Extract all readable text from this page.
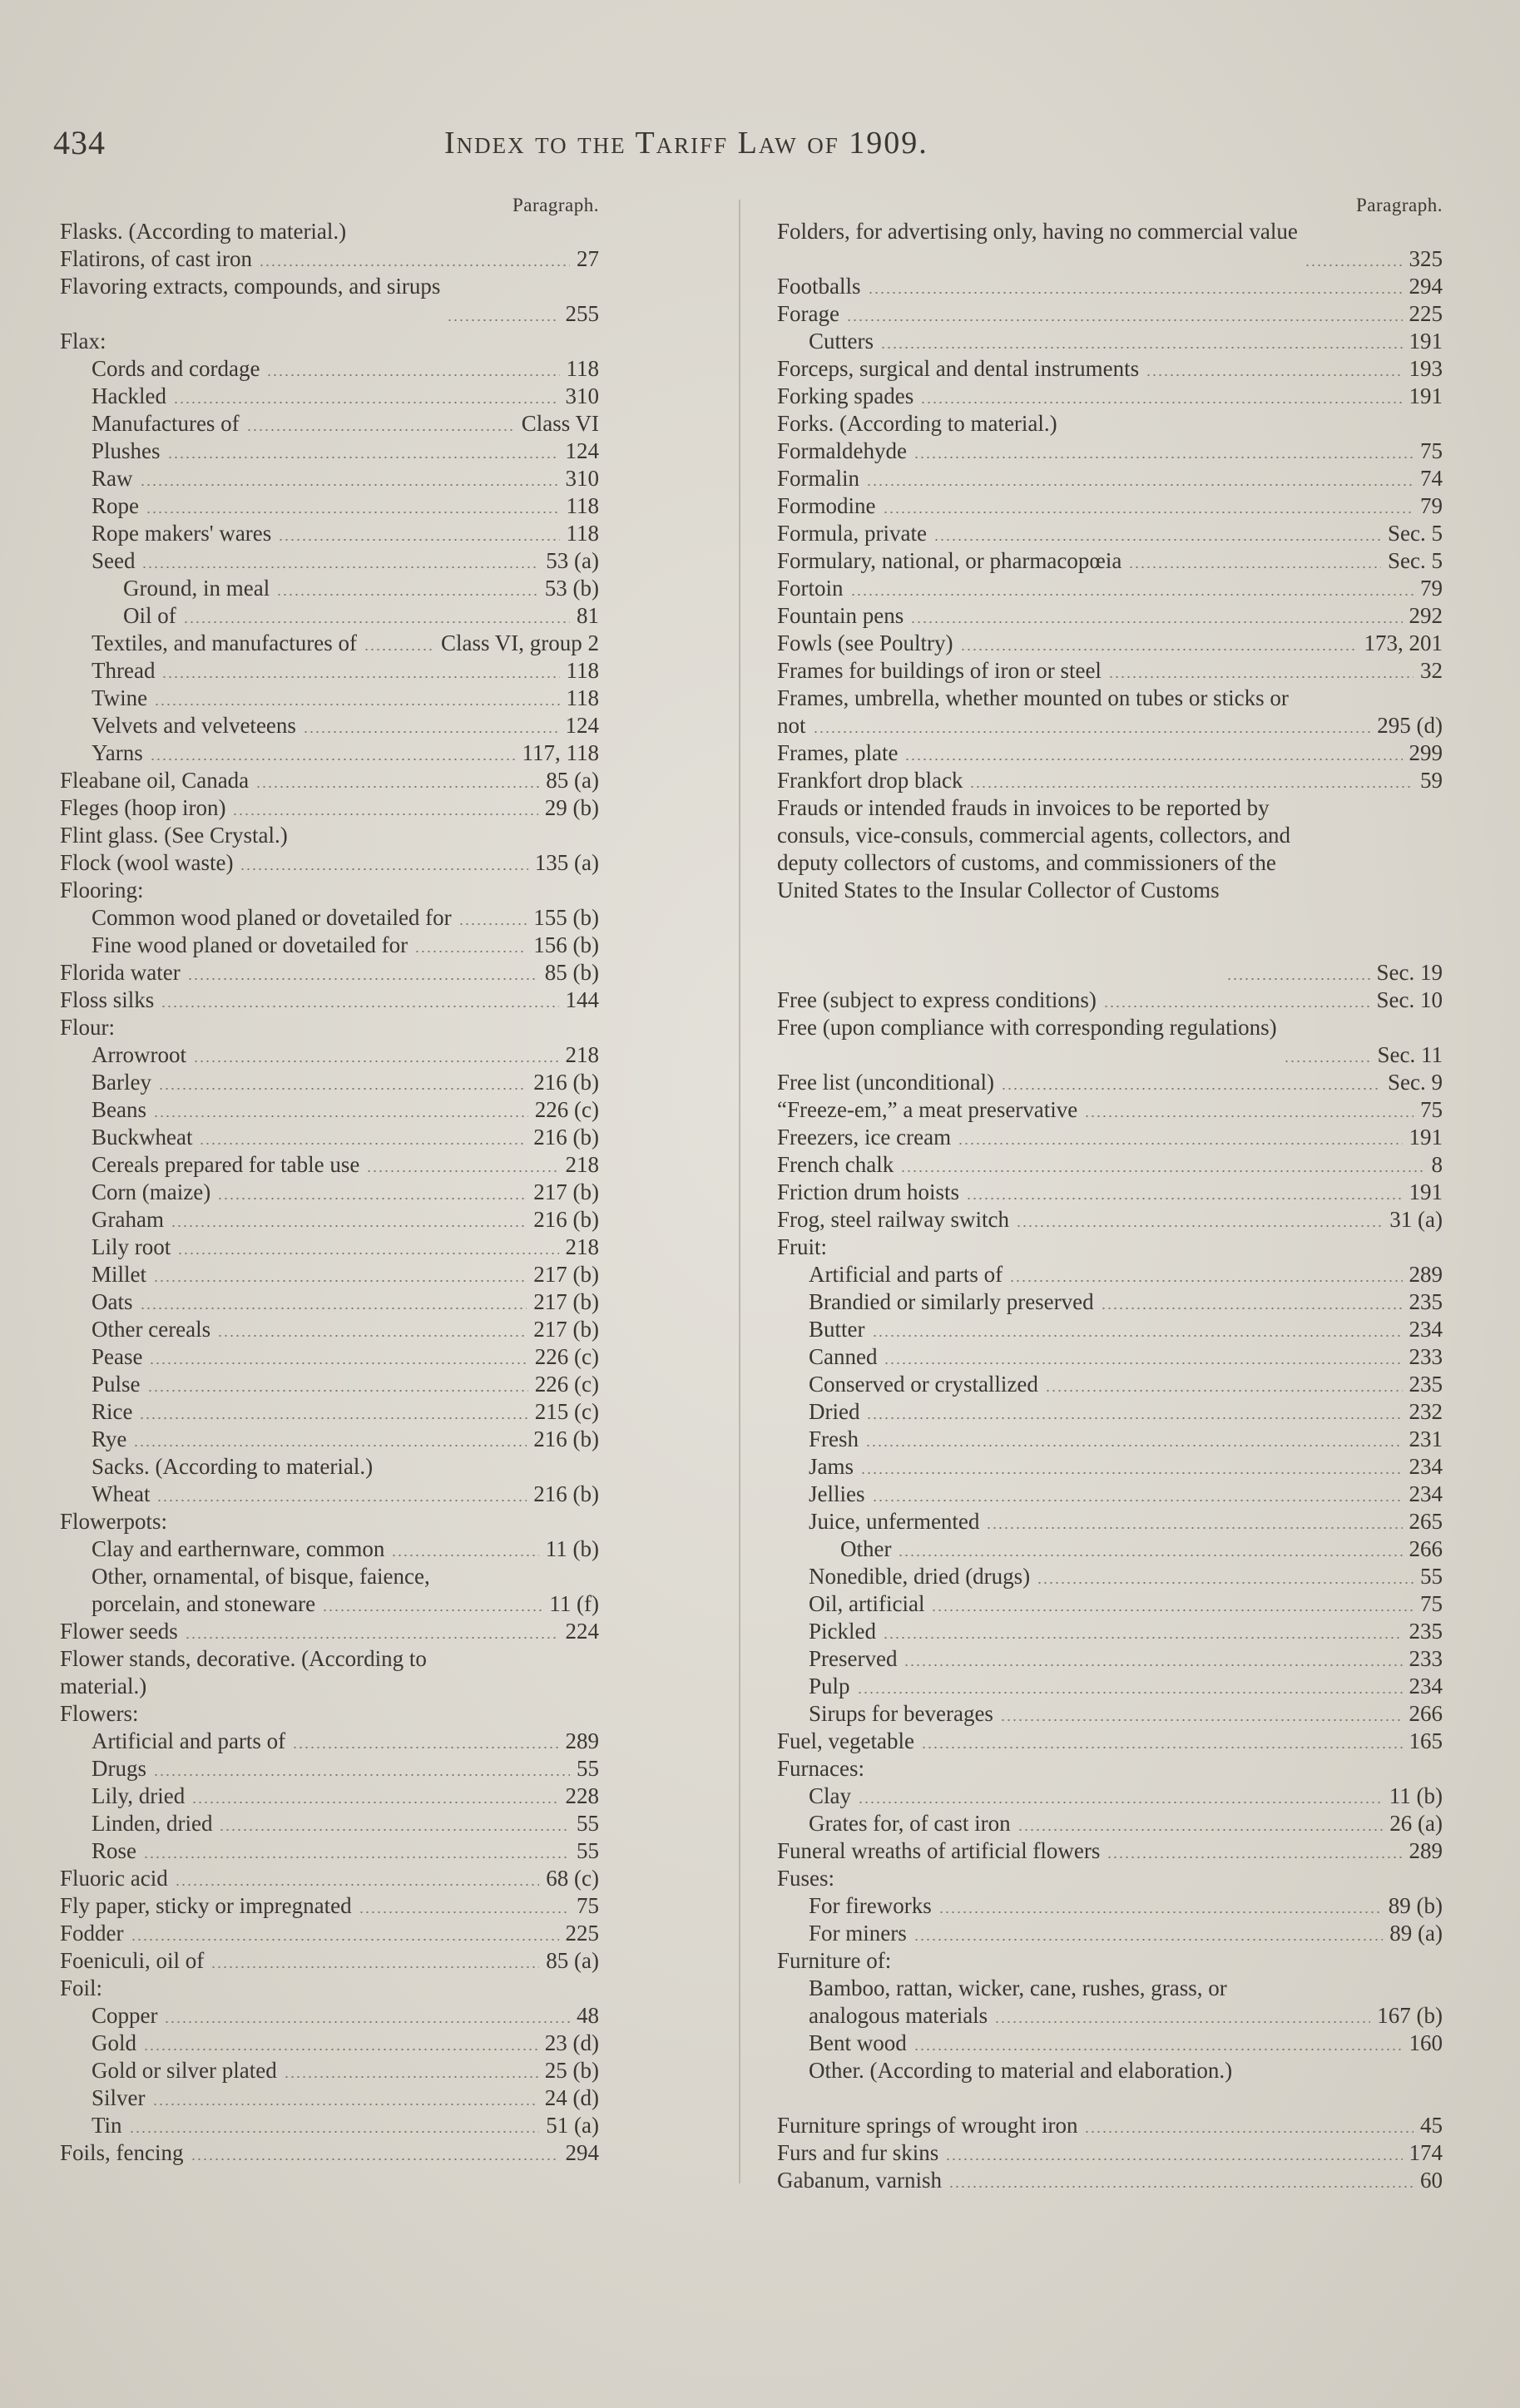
434	Index to the Tariff Law of 1909.
Paragraph.
Flasks. (According to material.)
Flatirons, of cast iron	27
Flavoring extracts, compounds, and sirups
255
Flax:
Cords and cordage	118
Hackled	310
Manufactures of	Class VI
Plushes	124
Raw	310
Rope	118
Rope makers' wares	118
Seed	53 (a)
Ground, in meal	53 (b)
Oil of	81
Textiles, and manufactures of	Class VI, group 2
Thread	118
Twine	118
Velvets and velveteens	124
Yarns	117, 118
Fleabane oil, Canada	85 (a)
Fleges (hoop iron)	29 (b)
Flint glass. (See Crystal.)
Flock (wool waste)	135 (a)
Flooring:
Common wood planed or dovetailed for	155 (b)
Fine wood planed or dovetailed for	156 (b)
Florida water	85 (b)
Floss silks	144
Flour:
Arrowroot	218
Barley	216 (b)
Beans	226 (c)
Buckwheat	216 (b)
Cereals prepared for table use	218
Corn (maize)	217 (b)
Graham	216 (b)
Lily root	218
Millet	217 (b)
Oats	217 (b)
Other cereals	217 (b)
Pease	226 (c)
Pulse	226 (c)
Rice	215 (c)
Rye	216 (b)
Sacks. (According to material.)
Wheat	216 (b)
Flowerpots:
Clay and earthernware, common	11 (b)
Other, ornamental, of bisque, faience, porcelain, and stoneware	11 (f)
Flower seeds	224
Flower stands, decorative. (According to material.)
Flowers:
Artificial and parts of	289
Drugs	55
Lily, dried	228
Linden, dried	55
Rose	55
Fluoric acid	68 (c)
Fly paper, sticky or impregnated	75
Fodder	225
Foeniculi, oil of	85 (a)
Foil:
Copper	48
Gold	23 (d)
Gold or silver plated	25 (b)
Silver	24 (d)
Tin	51 (a)
Foils, fencing	294
Paragraph.
Folders, for advertising only, having no commercial value
325
Footballs	294
Forage	225
Cutters	191
Forceps, surgical and dental instruments	193
Forking spades	191
Forks. (According to material.)
Formaldehyde	75
Formalin	74
Formodine	79
Formula, private	Sec. 5
Formulary, national, or pharmacopœia	Sec. 5
Fortoin	79
Fountain pens	292
Fowls (see Poultry)	173, 201
Frames for buildings of iron or steel	32
Frames, umbrella, whether mounted on tubes or sticks or not	295 (d)
Frames, plate	299
Frankfort drop black	59
Frauds or intended frauds in invoices to be reported by consuls, vice-consuls, commercial agents, collectors, and deputy collectors of customs, and commissioners of the United States to the Insular Collector of Customs
Sec. 19
Free (subject to express conditions)	Sec. 10
Free (upon compliance with corresponding regulations)
Sec. 11
Free list (unconditional)	Sec. 9
“Freeze-em,” a meat preservative	75
Freezers, ice cream	191
French chalk	8
Friction drum hoists	191
Frog, steel railway switch	31 (a)
Fruit:
Artificial and parts of	289
Brandied or similarly preserved	235
Butter	234
Canned	233
Conserved or crystallized	235
Dried	232
Fresh	231
Jams	234
Jellies	234
Juice, unfermented	265
Other	266
Nonedible, dried (drugs)	55
Oil, artificial	75
Pickled	235
Preserved	233
Pulp	234
Sirups for beverages	266
Fuel, vegetable	165
Furnaces:
Clay	11 (b)
Grates for, of cast iron	26 (a)
Funeral wreaths of artificial flowers	289
Fuses:
For fireworks	89 (b)
For miners	89 (a)
Furniture of:
Bamboo, rattan, wicker, cane, rushes, grass, or analogous materials	167 (b)
Bent wood	160
Other. (According to material and elaboration.)
Furniture springs of wrought iron	45
Furs and fur skins	174
Gabanum, varnish	60
